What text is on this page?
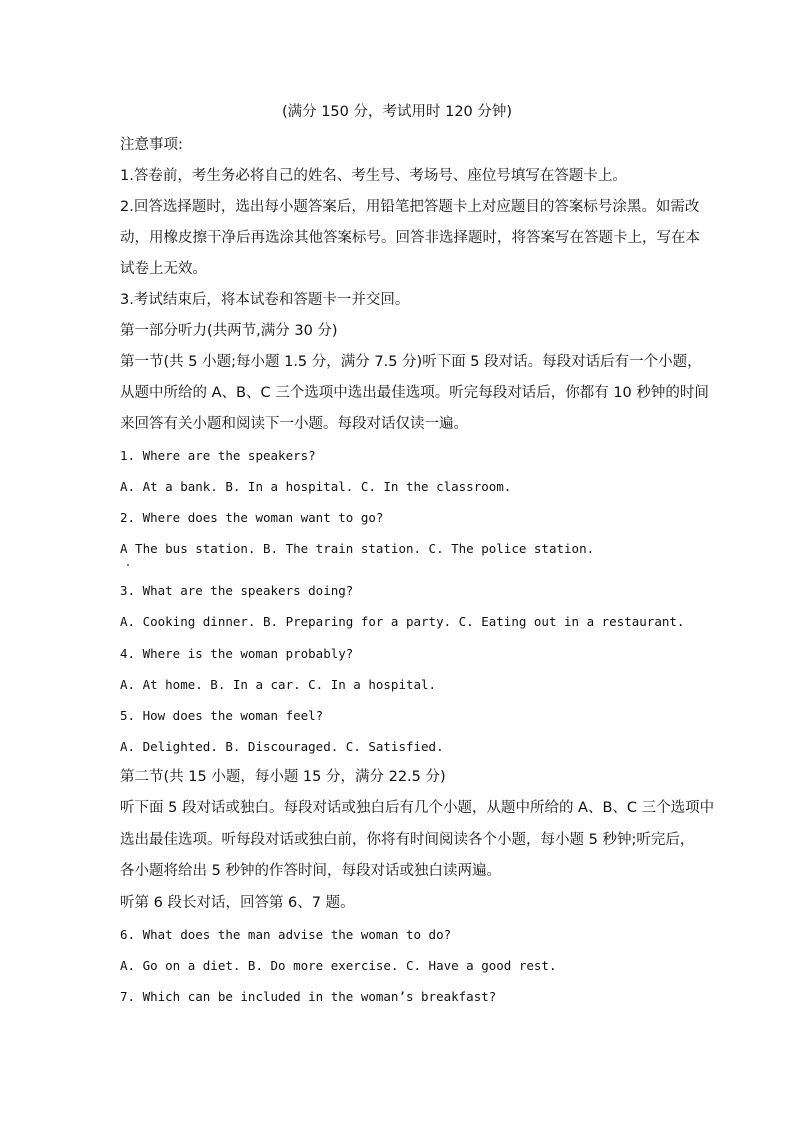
(满分 150 分，考试用时 120 分钟)
注意事项:
1.答卷前，考生务必将自己的姓名、考生号、考场号、座位号填写在答题卡上。
2.回答选择题时，选出每小题答案后，用铅笔把答题卡上对应题目的答案标号涂黑。如需改
动，用橡皮擦干净后再选涂其他答案标号。回答非选择题时，将答案写在答题卡上，写在本
试卷上无效。
3.考试结束后，将本试卷和答题卡一并交回。
第一部分听力(共两节,满分 30 分)
第一节(共 5 小题;每小题 1.5 分，满分 7.5 分)听下面 5 段对话。每段对话后有一个小题，
从题中所给的 A、B、C 三个选项中选出最佳选项。听完每段对话后，你都有 10 秒钟的时间
来回答有关小题和阅读下一小题。每段对话仅读一遍。
1. Where are the speakers?
A. At a bank. B. In a hospital. C. In the classroom.
2. Where does the woman want to go?
A The bus station. B. The train station. C. The police station.
3. What are the speakers doing?
A. Cooking dinner. B. Preparing for a party. C. Eating out in a restaurant.
4. Where is the woman probably?
A. At home. B. In a car. C. In a hospital.
5. How does the woman feel?
A. Delighted. B. Discouraged. C. Satisfied.
第二节(共 15 小题，每小题 15 分，满分 22.5 分)
听下面 5 段对话或独白。每段对话或独白后有几个小题，从题中所给的 A、B、C 三个选项中
选出最佳选项。听每段对话或独白前，你将有时间阅读各个小题，每小题 5 秒钟;听完后，
各小题将给出 5 秒钟的作答时间，每段对话或独白读两遍。
听第 6 段长对话，回答第 6、7 题。
6. What does the man advise the woman to do?
A. Go on a diet. B. Do more exercise. C. Have a good rest.
7. Which can be included in the woman’s breakfast?
